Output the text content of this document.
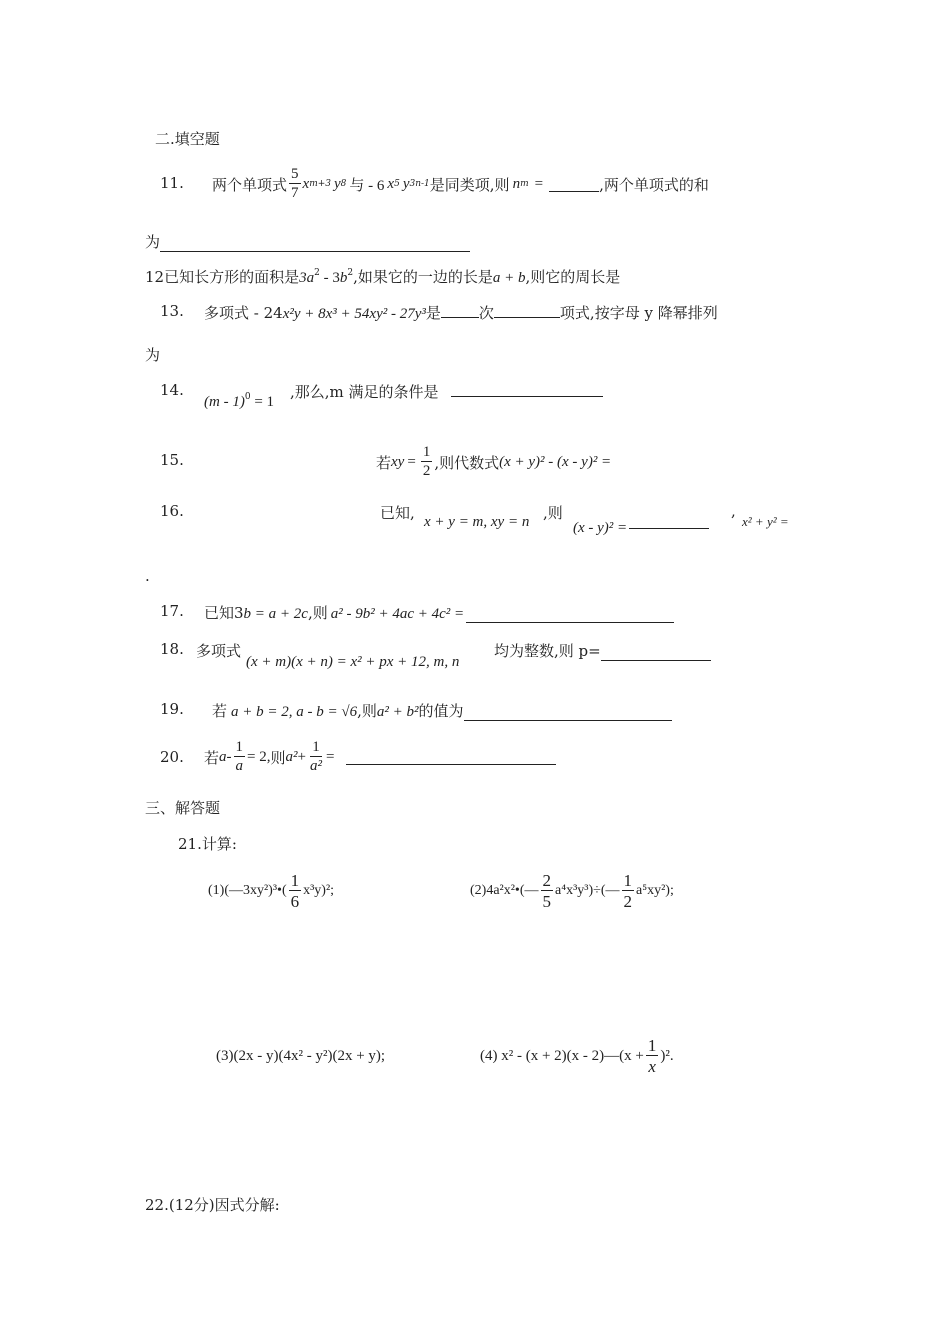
二.填空题
11. 两个单项式 $\frac{5}{7}$ x m+3 y 8 与 - 6 x 5 y 3n-1 是同类项,则 n m =	,两个单项式的和
为
12已知长方形的面积是$3a^2 - 3b^2$,如果它的一边的长是a + b,则它的周长是
13. 多项式 - 24x²y + 8x³ + 54xy² - 27y³是	次	项式,按字母 y 降幂排列
为
14.
(m - 1)$^0$ = 1
,那么,m 满足的条件是
15.	若 xy = $\frac{1}{2}$ ,则代数式 (x + y)² - (x - y)² =
16.	已知, x + y = m, xy = n ,则
(x - y)² =
,
x² + y² =
.
17. 已知3 b = a + 2c ,则 a² - 9b² + 4ac + 4c² =
18. 多项式
(x + m)(x + n) = x² + px + 12, m, n
均为整数,则 p=
19. 若 a + b = 2, a - b = √6 ,则 a² + b² 的值为
20. 若 $a - \frac{1}{a} = 2$, 则 $a^2 + \frac{1}{\text{a²}}$ =
三、解答题
21.计算:
(1)(—3xy²)³•( $\frac{1}{6} x^3y)^2$;	(2)4a²x²•(— $\frac{2}{5}$ a⁴x³y³)÷(— $\frac{1}{2} a^5xy^2$);
(3)(2x - y)(4x² - y²)(2x + y);	(4) x² - (x + 2)(x - 2)—(x + $\frac{1}{x} )^2$.
22.(12分)因式分解:
